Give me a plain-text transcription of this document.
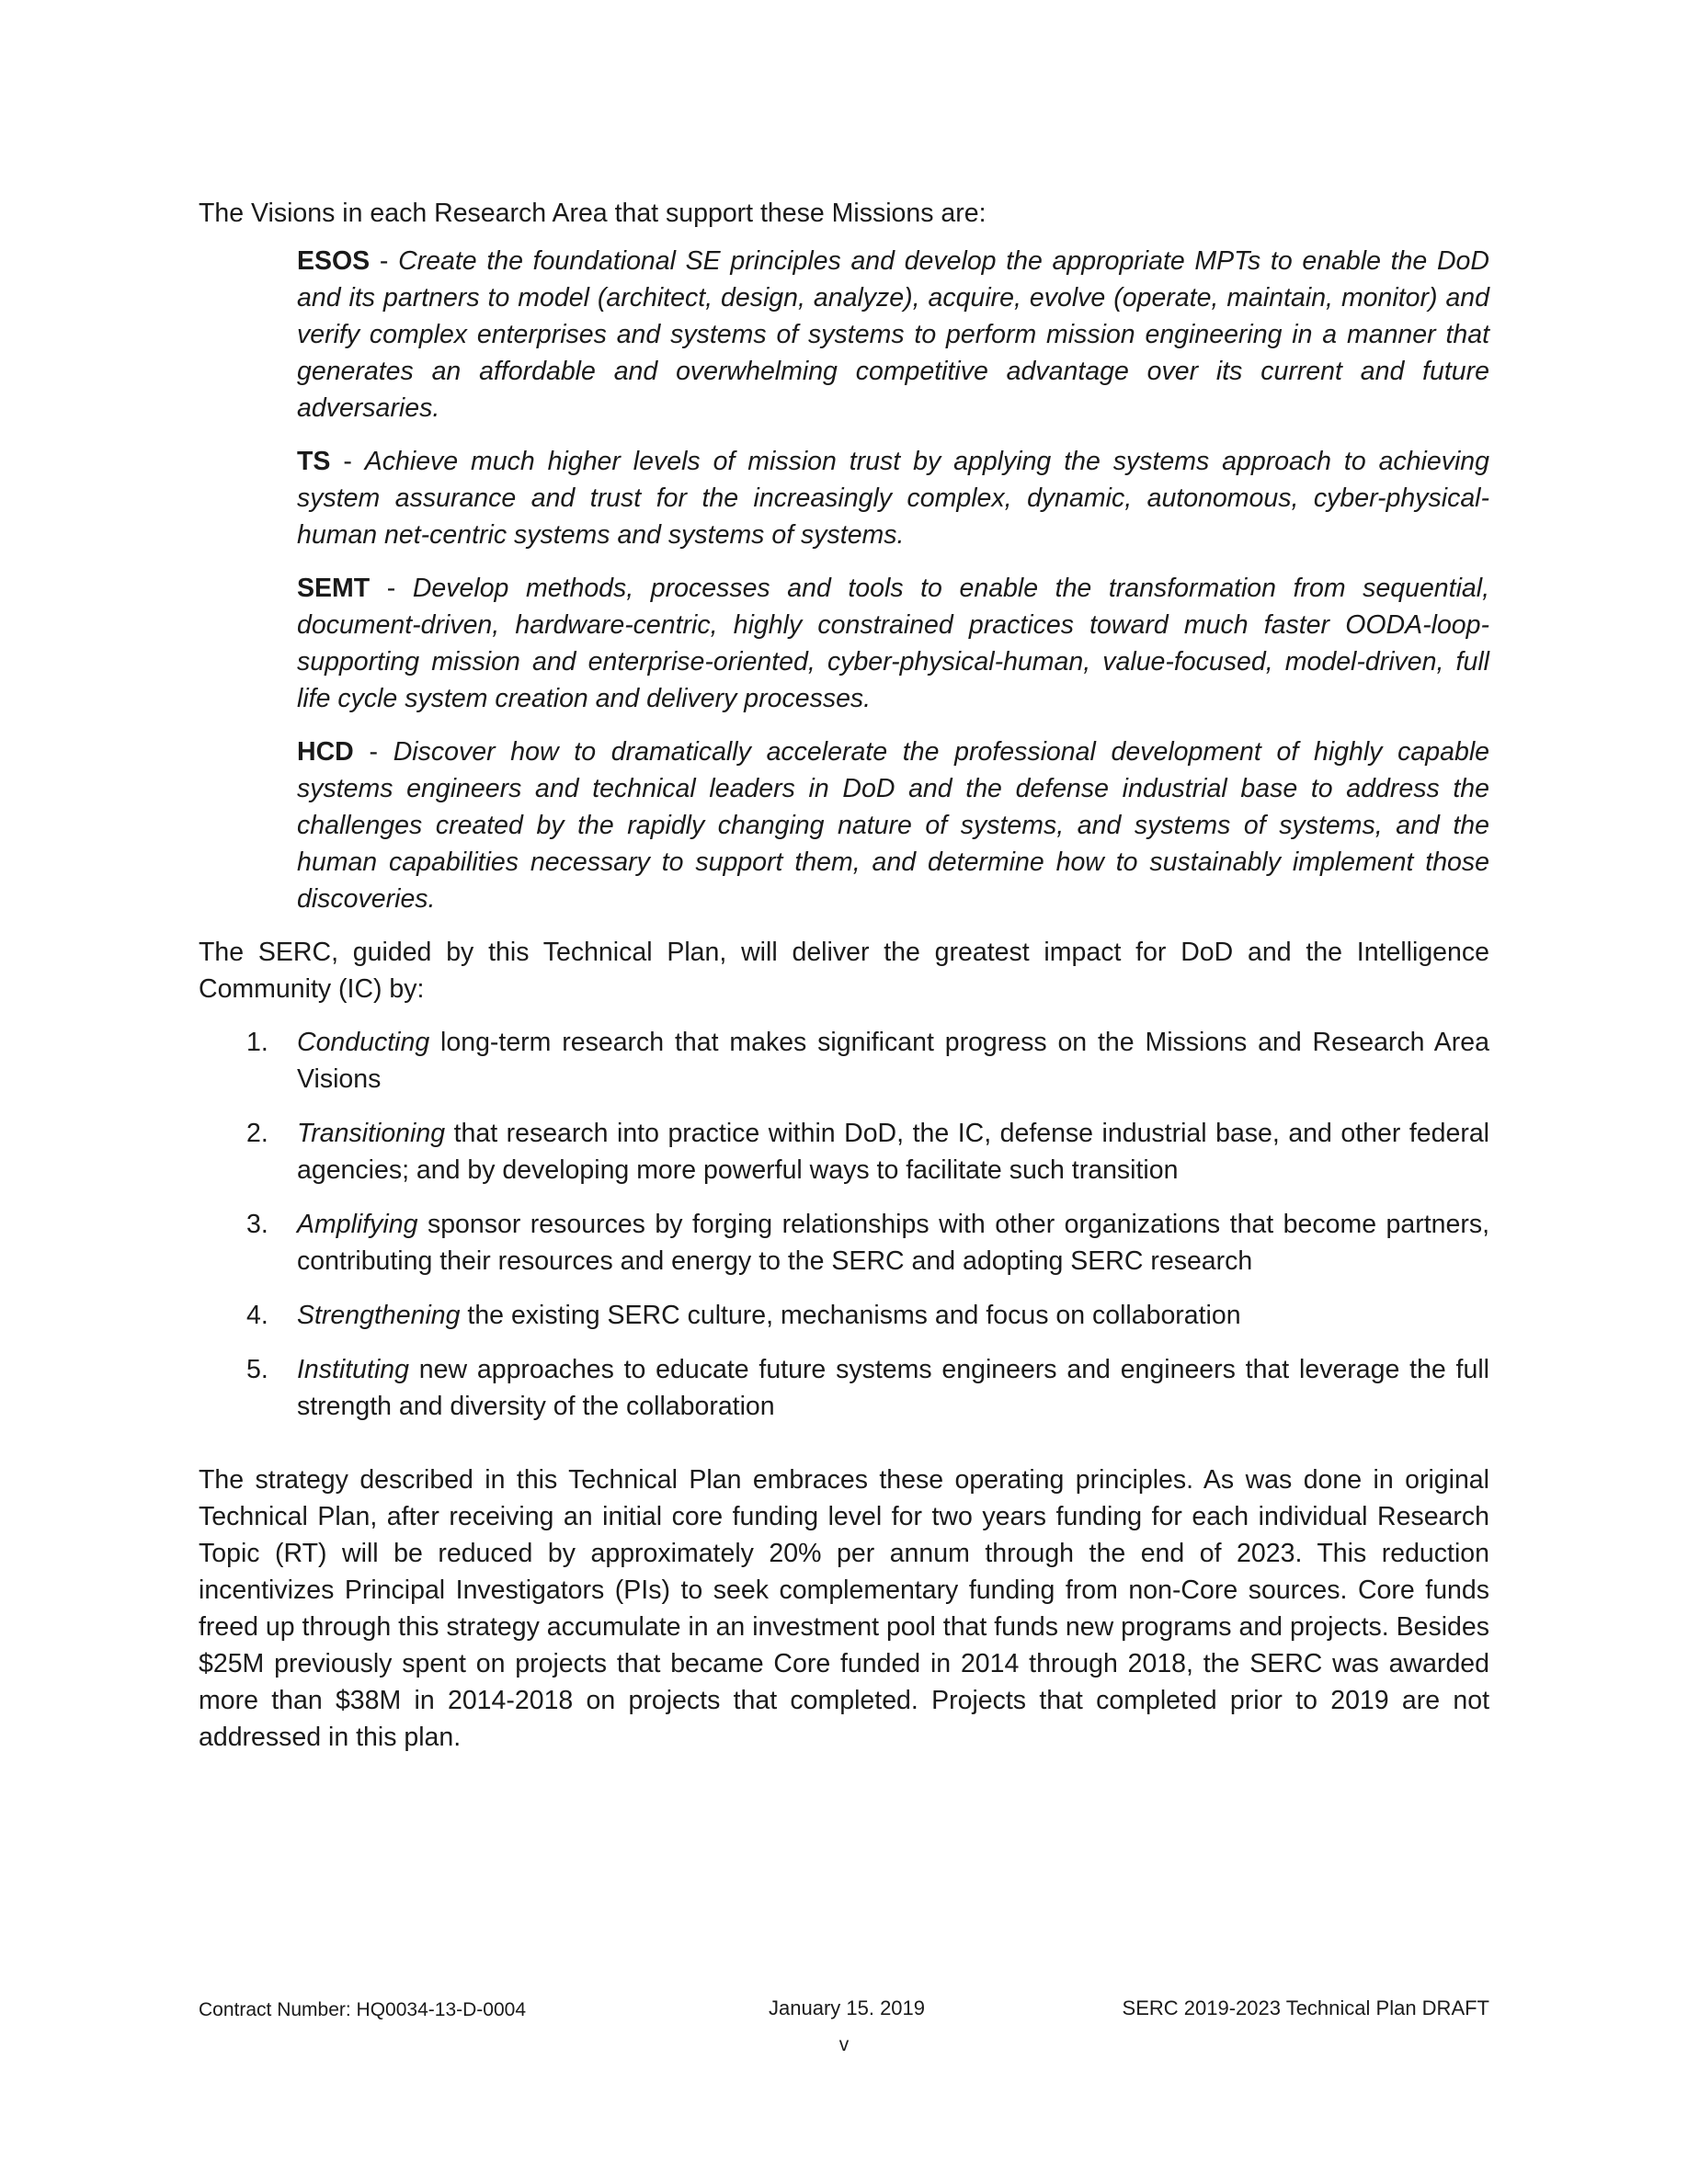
The Visions in each Research Area that support these Missions are:

ESOS - Create the foundational SE principles and develop the appropriate MPTs to enable the DoD and its partners to model (architect, design, analyze), acquire, evolve (operate, maintain, monitor) and verify complex enterprises and systems of systems to perform mission engineering in a manner that generates an affordable and overwhelming competitive advantage over its current and future adversaries.

TS - Achieve much higher levels of mission trust by applying the systems approach to achieving system assurance and trust for the increasingly complex, dynamic, autonomous, cyber-physical-human net-centric systems and systems of systems.

SEMT - Develop methods, processes and tools to enable the transformation from sequential, document-driven, hardware-centric, highly constrained practices toward much faster OODA-loop-supporting mission and enterprise-oriented, cyber-physical-human, value-focused, model-driven, full life cycle system creation and delivery processes.

HCD - Discover how to dramatically accelerate the professional development of highly capable systems engineers and technical leaders in DoD and the defense industrial base to address the challenges created by the rapidly changing nature of systems, and systems of systems, and the human capabilities necessary to support them, and determine how to sustainably implement those discoveries.

The SERC, guided by this Technical Plan, will deliver the greatest impact for DoD and the Intelligence Community (IC) by:

1. Conducting long-term research that makes significant progress on the Missions and Research Area Visions
2. Transitioning that research into practice within DoD, the IC, defense industrial base, and other federal agencies; and by developing more powerful ways to facilitate such transition
3. Amplifying sponsor resources by forging relationships with other organizations that become partners, contributing their resources and energy to the SERC and adopting SERC research
4. Strengthening the existing SERC culture, mechanisms and focus on collaboration
5. Instituting new approaches to educate future systems engineers and engineers that leverage the full strength and diversity of the collaboration

The strategy described in this Technical Plan embraces these operating principles. As was done in original Technical Plan, after receiving an initial core funding level for two years funding for each individual Research Topic (RT) will be reduced by approximately 20% per annum through the end of 2023. This reduction incentivizes Principal Investigators (PIs) to seek complementary funding from non-Core sources. Core funds freed up through this strategy accumulate in an investment pool that funds new programs and projects. Besides $25M previously spent on projects that became Core funded in 2014 through 2018, the SERC was awarded more than $38M in 2014-2018 on projects that completed. Projects that completed prior to 2019 are not addressed in this plan.

Contract Number: HQ0034-13-D-0004	January 15. 2019	SERC 2019-2023 Technical Plan DRAFT
v
